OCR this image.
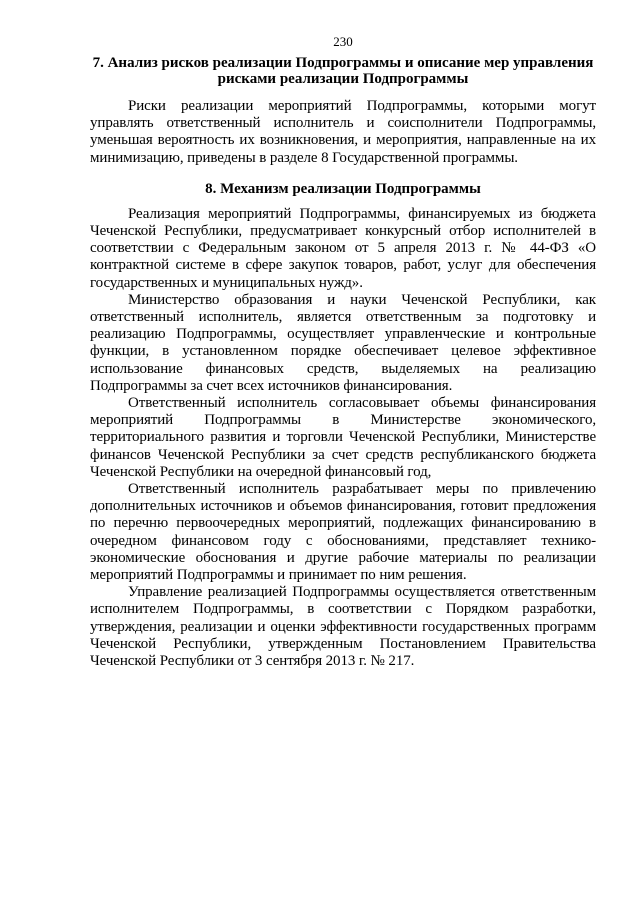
230
7. Анализ рисков реализации Подпрограммы и описание мер управления рисками реализации Подпрограммы

Риски реализации мероприятий Подпрограммы, которыми могут управлять ответственный исполнитель и соисполнители Подпрограммы, уменьшая вероятность их возникновения, и мероприятия, направленные на их минимизацию, приведены в разделе 8 Государственной программы.

8. Механизм реализации Подпрограммы

Реализация мероприятий Подпрограммы, финансируемых из бюджета Чеченской Республики, предусматривает конкурсный отбор исполнителей в соответствии с Федеральным законом от 5 апреля 2013 г. № 44-ФЗ «О контрактной системе в сфере закупок товаров, работ, услуг для обеспечения государственных и муниципальных нужд».

Министерство образования и науки Чеченской Республики, как ответственный исполнитель, является ответственным за подготовку и реализацию Подпрограммы, осуществляет управленческие и контрольные функции, в установленном порядке обеспечивает целевое эффективное использование финансовых средств, выделяемых на реализацию Подпрограммы за счет всех источников финансирования.

Ответственный исполнитель согласовывает объемы финансирования мероприятий Подпрограммы в Министерстве экономического, территориального развития и торговли Чеченской Республики, Министерстве финансов Чеченской Республики за счет средств республиканского бюджета Чеченской Республики на очередной финансовый год,

Ответственный исполнитель разрабатывает меры по привлечению дополнительных источников и объемов финансирования, готовит предложения по перечню первоочередных мероприятий, подлежащих финансированию в очередном финансовом году с обоснованиями, представляет технико-экономические обоснования и другие рабочие материалы по реализации мероприятий Подпрограммы и принимает по ним решения.

Управление реализацией Подпрограммы осуществляется ответственным исполнителем Подпрограммы, в соответствии с Порядком разработки, утверждения, реализации и оценки эффективности государственных программ Чеченской Республики, утвержденным Постановлением Правительства Чеченской Республики от 3 сентября 2013 г. № 217.
